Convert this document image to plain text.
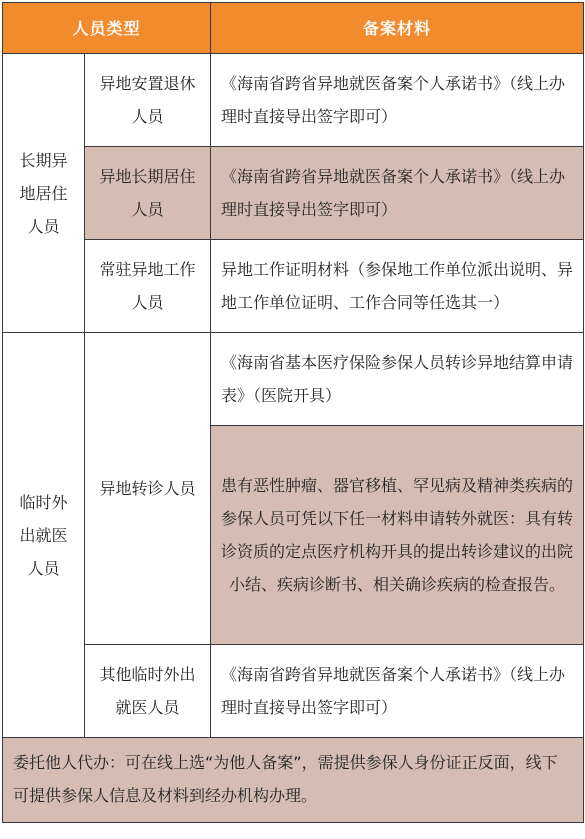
人员类型		备案材料
长期异地居住人员	异地安置退休人员	《海南省跨省异地就医备案个人承诺书》（线上办理时直接导出签字即可）
	异地长期居住人员	《海南省跨省异地就医备案个人承诺书》（线上办理时直接导出签字即可）
	常驻异地工作人员	异地工作证明材料（参保地工作单位派出说明、异地工作单位证明、工作合同等任选其一）
临时外出就医人员	异地转诊人员	《海南省基本医疗保险参保人员转诊异地结算申请表》（医院开具）
		患有恶性肿瘤、器官移植、罕见病及精神类疾病的参保人员可凭以下任一材料申请转外就医：具有转诊资质的定点医疗机构开具的提出转诊建议的出院小结、疾病诊断书、相关确诊疾病的检查报告。
	其他临时外出就医人员	《海南省跨省异地就医备案个人承诺书》（线上办理时直接导出签字即可）
委托他人代办：可在线上选“为他人备案”，需提供参保人身份证正反面，线下可提供参保人信息及材料到经办机构办理。		
